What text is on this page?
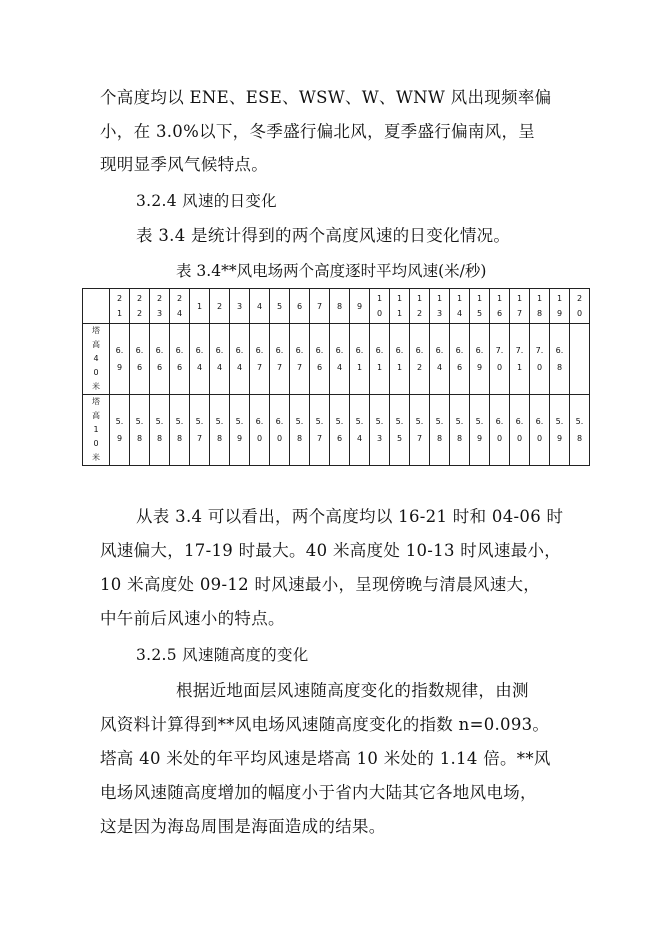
个高度均以 ENE、ESE、WSW、W、WNW 风出现频率偏
小，在 3.0%以下，冬季盛行偏北风，夏季盛行偏南风，呈
现明显季风气候特点。
3.2.4 风速的日变化
表 3.4 是统计得到的两个高度风速的日变化情况。
表 3.4**风电场两个高度逐时平均风速(米/秒)

	21	22	23	24	1	2	3	4	5	6	7	8	9	10	11	12	13	14	15	16	17	18	19	20

塔高40米	6.9	6.6	6.6	6.6	6.4	6.4	6.4	6.7	6.7	6.7	6.6	6.4	6.1	6.1	6.1	6.2	6.4	6.6	6.9	7.0	7.1	7.0	6.8	

塔高10米	5.9	5.8	5.8	5.8	5.7	5.8	5.9	6.0	6.0	5.8	5.7	5.6	5.4	5.3	5.5	5.7	5.8	5.8	5.9	6.0	6.0	6.0	5.9	5.8
从表 3.4 可以看出，两个高度均以 16-21 时和 04-06 时
风速偏大，17-19 时最大。40 米高度处 10-13 时风速最小，
10 米高度处 09-12 时风速最小，呈现傍晚与清晨风速大，
中午前后风速小的特点。
3.2.5 风速随高度的变化
根据近地面层风速随高度变化的指数规律，由测
风资料计算得到**风电场风速随高度变化的指数 n=0.093。
塔高 40 米处的年平均风速是塔高 10 米处的 1.14 倍。**风
电场风速随高度增加的幅度小于省内大陆其它各地风电场，
这是因为海岛周围是海面造成的结果。
